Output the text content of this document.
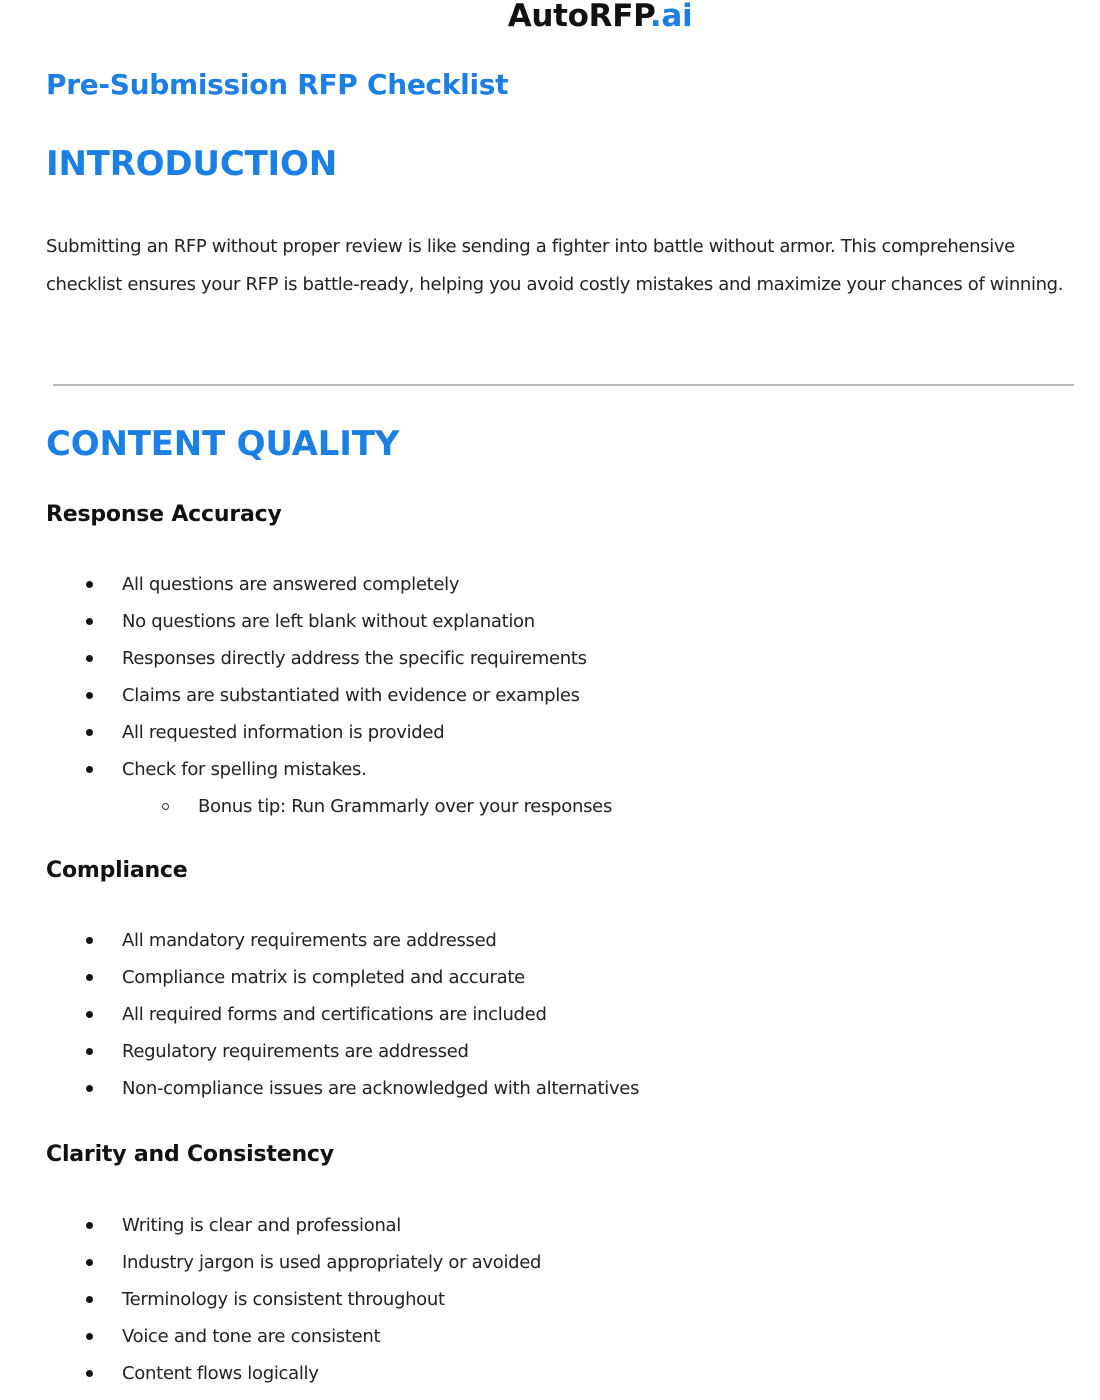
AutoRFP.ai
Pre-Submission RFP Checklist
INTRODUCTION

Submitting an RFP without proper review is like sending a fighter into battle without armor. This comprehensive checklist ensures your RFP is battle-ready, helping you avoid costly mistakes and maximize your chances of winning.

CONTENT QUALITY
Response Accuracy
All questions are answered completely
No questions are left blank without explanation
Responses directly address the specific requirements
Claims are substantiated with evidence or examples
All requested information is provided
Check for spelling mistakes.
Bonus tip: Run Grammarly over your responses
Compliance
All mandatory requirements are addressed
Compliance matrix is completed and accurate
All required forms and certifications are included
Regulatory requirements are addressed
Non-compliance issues are acknowledged with alternatives
Clarity and Consistency
Writing is clear and professional
Industry jargon is used appropriately or avoided
Terminology is consistent throughout
Voice and tone are consistent
Content flows logically
